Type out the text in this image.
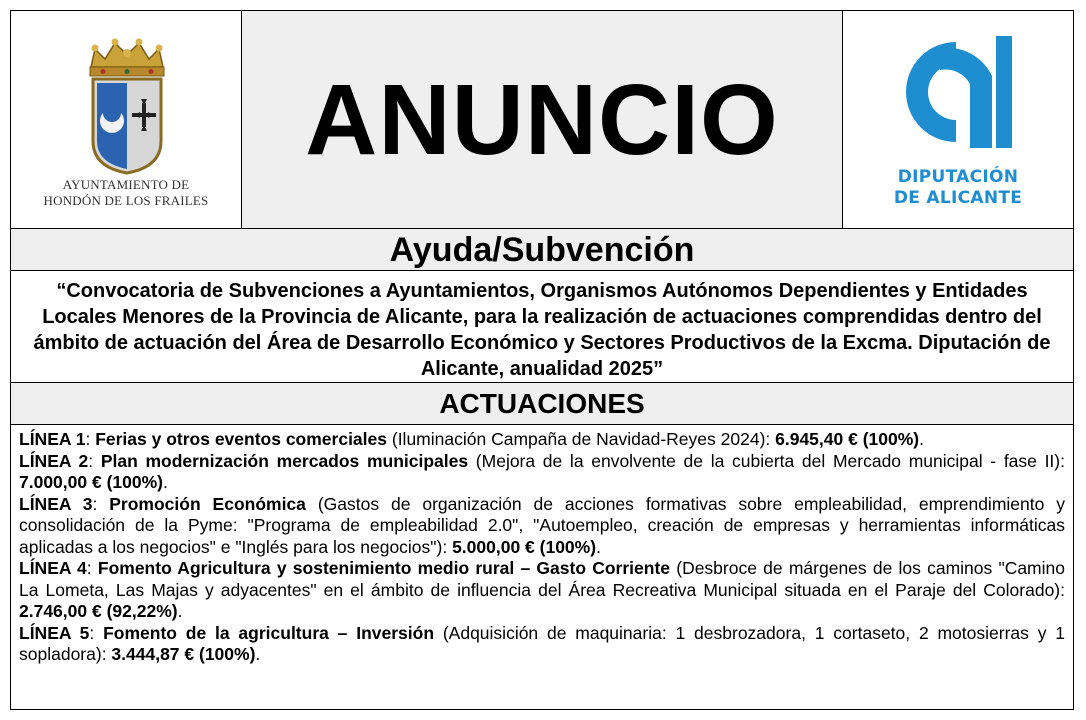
AYUNTAMIENTO DE
HONDÓN DE LOS FRAILES
ANUNCIO
DIPUTACIÓN
DE ALICANTE
Ayuda/Subvención
“Convocatoria de Subvenciones a Ayuntamientos, Organismos Autónomos Dependientes y Entidades Locales Menores de la Provincia de Alicante, para la realización de actuaciones comprendidas dentro del ámbito de actuación del Área de Desarrollo Económico y Sectores Productivos de la Excma. Diputación de Alicante, anualidad 2025”
ACTUACIONES

LÍNEA 1: Ferias y otros eventos comerciales (Iluminación Campaña de Navidad-Reyes 2024): 6.945,40 € (100%).

LÍNEA 2: Plan modernización mercados municipales (Mejora de la envolvente de la cubierta del Mercado municipal - fase II): 7.000,00 € (100%).

LÍNEA 3: Promoción Económica (Gastos de organización de acciones formativas sobre empleabilidad, emprendimiento y consolidación de la Pyme: "Programa de empleabilidad 2.0", "Autoempleo, creación de empresas y herramientas informáticas aplicadas a los negocios" e "Inglés para los negocios"): 5.000,00 € (100%).

LÍNEA 4: Fomento Agricultura y sostenimiento medio rural – Gasto Corriente (Desbroce de márgenes de los caminos "Camino La Lometa, Las Majas y adyacentes" en el ámbito de influencia del Área Recreativa Municipal situada en el Paraje del Colorado): 2.746,00 € (92,22%).

LÍNEA 5: Fomento de la agricultura – Inversión (Adquisición de maquinaria: 1 desbrozadora, 1 cortaseto, 2 motosierras y 1 sopladora): 3.444,87 € (100%).
